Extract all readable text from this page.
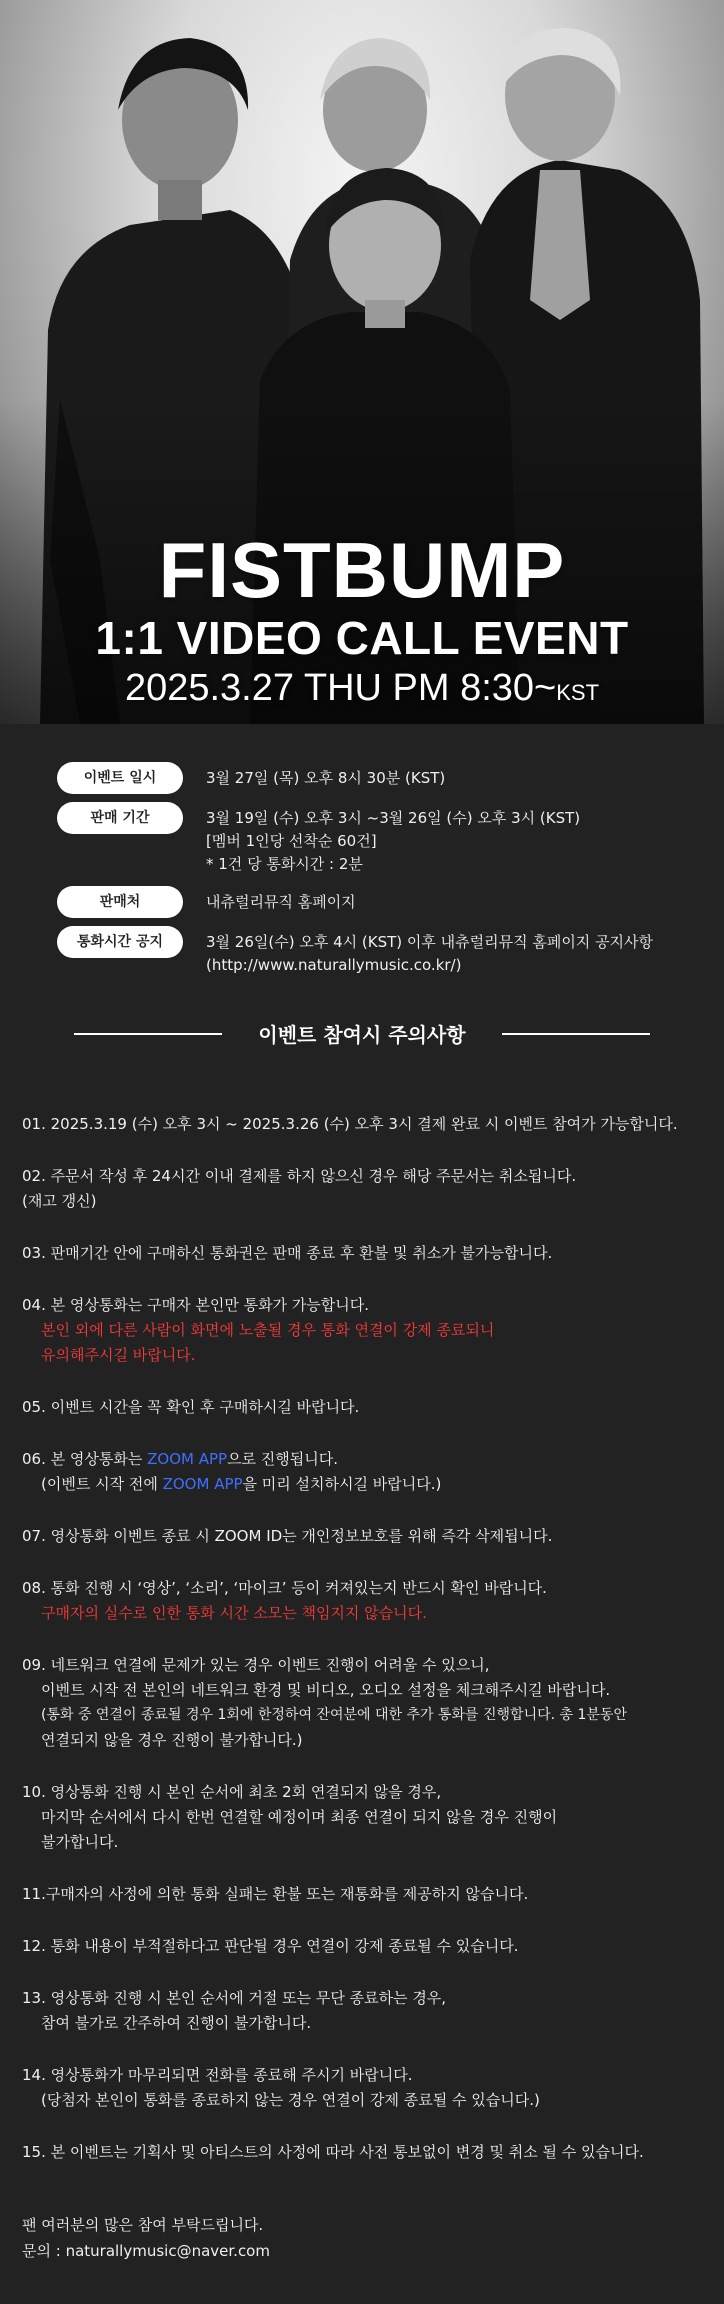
FISTBUMP
1:1 VIDEO CALL EVENT
2025.3.27 THU PM 8:30~KST
이벤트 일시	3월 27일 (목) 오후 8시 30분 (KST)
판매 기간	3월 19일 (수) 오후 3시 ~3월 26일 (수) 오후 3시 (KST)
[멤버 1인당 선착순 60건]
* 1건 당 통화시간 : 2분
판매처	내츄럴리뮤직 홈페이지
통화시간 공지	3월 26일(수) 오후 4시 (KST) 이후 내츄럴리뮤직 홈페이지 공지사항
(http://www.naturallymusic.co.kr/)
이벤트 참여시 주의사항
01. 2025.3.19 (수) 오후 3시 ~ 2025.3.26 (수) 오후 3시 결제 완료 시 이벤트 참여가 가능합니다.
02. 주문서 작성 후 24시간 이내 결제를 하지 않으신 경우 해당 주문서는 취소됩니다.
(재고 갱신)
03. 판매기간 안에 구매하신 통화권은 판매 종료 후 환불 및 취소가 불가능합니다.
04. 본 영상통화는 구매자 본인만 통화가 가능합니다.
본인 외에 다른 사람이 화면에 노출될 경우 통화 연결이 강제 종료되니
유의해주시길 바랍니다.
05. 이벤트 시간을 꼭 확인 후 구매하시길 바랍니다.
06. 본 영상통화는 ZOOM APP으로 진행됩니다.
(이벤트 시작 전에 ZOOM APP을 미리 설치하시길 바랍니다.)
07. 영상통화 이벤트 종료 시 ZOOM ID는 개인정보보호를 위해 즉각 삭제됩니다.
08. 통화 진행 시 ‘영상’, ‘소리’, ‘마이크’ 등이 켜져있는지 반드시 확인 바랍니다.
구매자의 실수로 인한 통화 시간 소모는 책임지지 않습니다.
09. 네트워크 연결에 문제가 있는 경우 이벤트 진행이 어려울 수 있으니,
이벤트 시작 전 본인의 네트워크 환경 및 비디오, 오디오 설정을 체크해주시길 바랍니다.
(통화 중 연결이 종료될 경우 1회에 한정하여 잔여분에 대한 추가 통화를 진행합니다. 총 1분동안
연결되지 않을 경우 진행이 불가합니다.)
10. 영상통화 진행 시 본인 순서에 최초 2회 연결되지 않을 경우,
마지막 순서에서 다시 한번 연결할 예정이며 최종 연결이 되지 않을 경우 진행이
불가합니다.
11.구매자의 사정에 의한 통화 실패는 환불 또는 재통화를 제공하지 않습니다.
12. 통화 내용이 부적절하다고 판단될 경우 연결이 강제 종료될 수 있습니다.
13. 영상통화 진행 시 본인 순서에 거절 또는 무단 종료하는 경우,
참여 불가로 간주하여 진행이 불가합니다.
14. 영상통화가 마무리되면 전화를 종료해 주시기 바랍니다.
(당첨자 본인이 통화를 종료하지 않는 경우 연결이 강제 종료될 수 있습니다.)
15. 본 이벤트는 기획사 및 아티스트의 사정에 따라 사전 통보없이 변경 및 취소 될 수 있습니다.
팬 여러분의 많은 참여 부탁드립니다.
문의 : naturallymusic@naver.com
